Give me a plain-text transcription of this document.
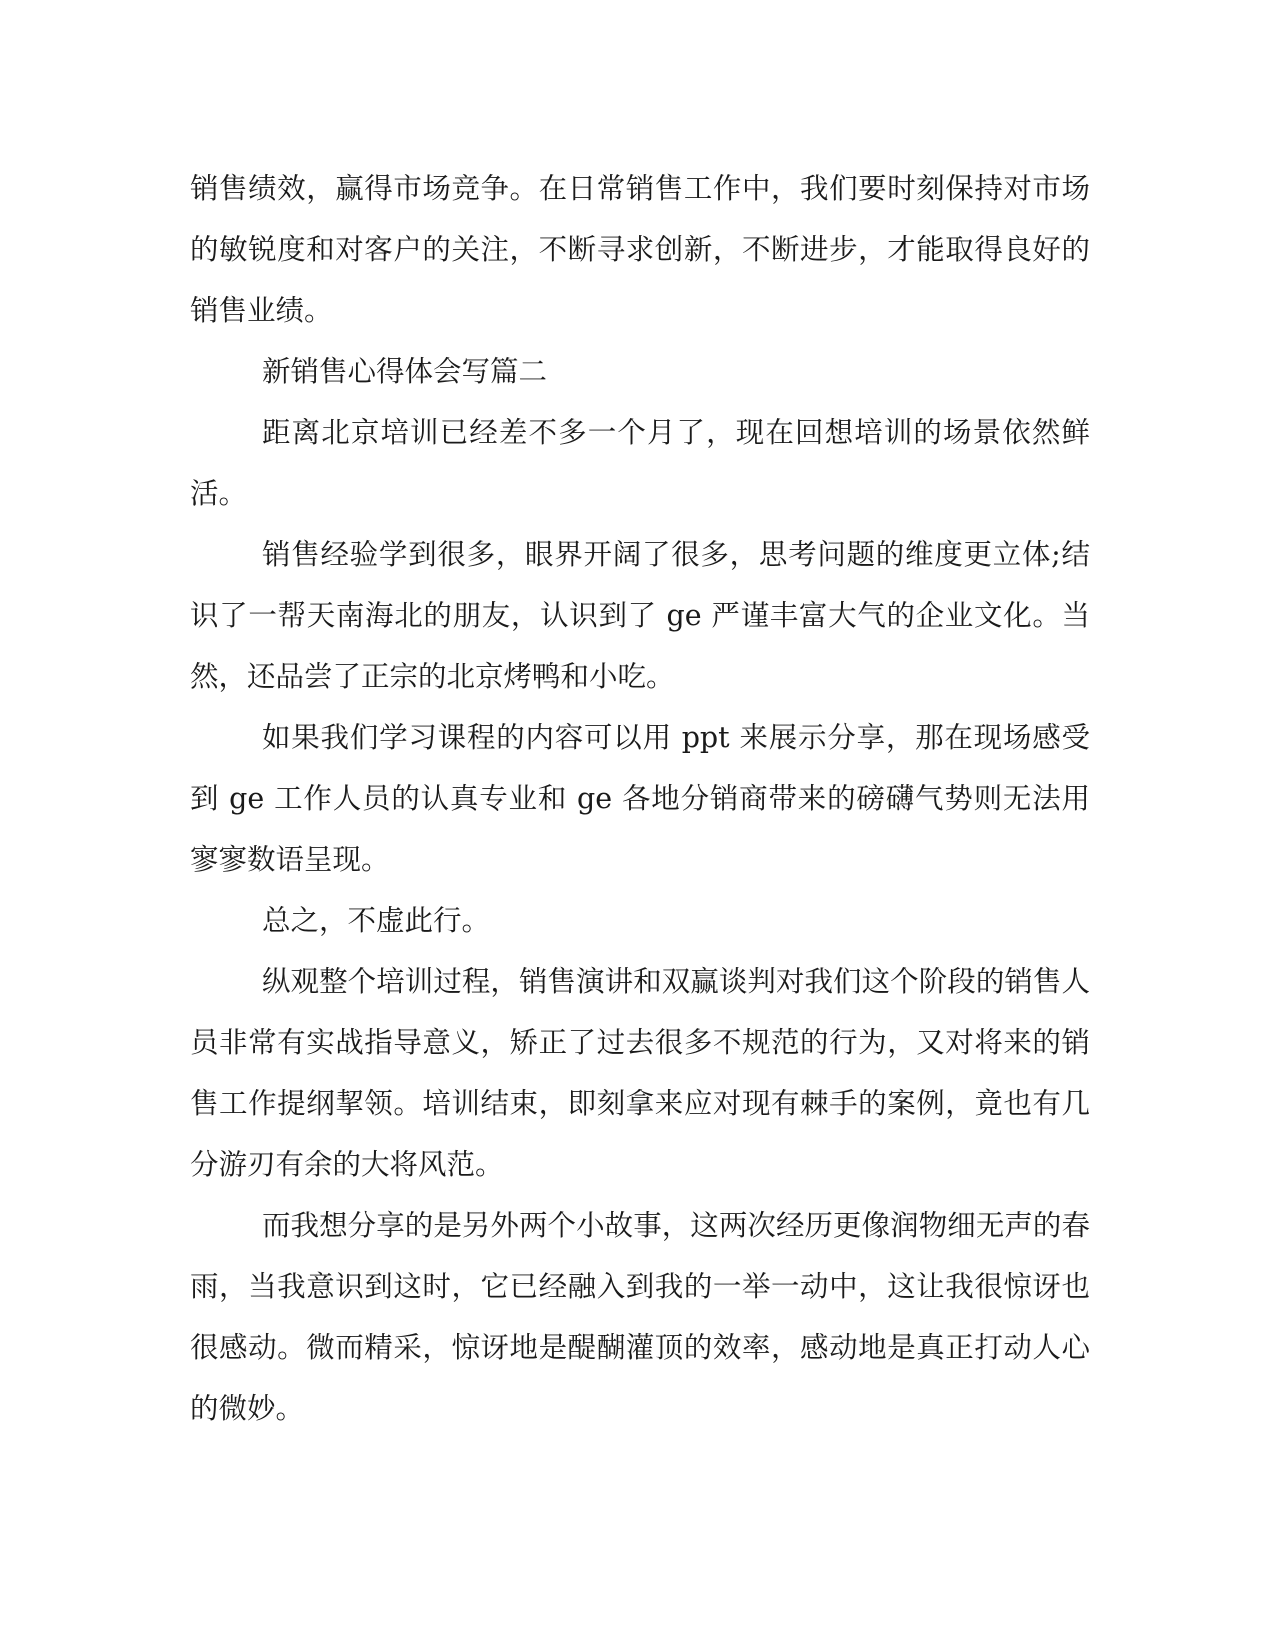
销售绩效，赢得市场竞争。在日常销售工作中，我们要时刻保持对市场的敏锐度和对客户的关注，不断寻求创新，不断进步，才能取得良好的销售业绩。

新销售心得体会写篇二

距离北京培训已经差不多一个月了，现在回想培训的场景依然鲜活。

销售经验学到很多，眼界开阔了很多，思考问题的维度更立体;结识了一帮天南海北的朋友，认识到了 ge 严谨丰富大气的企业文化。当然，还品尝了正宗的北京烤鸭和小吃。

如果我们学习课程的内容可以用 ppt 来展示分享，那在现场感受到 ge 工作人员的认真专业和 ge 各地分销商带来的磅礴气势则无法用寥寥数语呈现。

总之，不虚此行。

纵观整个培训过程，销售演讲和双赢谈判对我们这个阶段的销售人员非常有实战指导意义，矫正了过去很多不规范的行为，又对将来的销售工作提纲挈领。培训结束，即刻拿来应对现有棘手的案例，竟也有几分游刃有余的大将风范。

而我想分享的是另外两个小故事，这两次经历更像润物细无声的春雨，当我意识到这时，它已经融入到我的一举一动中，这让我很惊讶也很感动。微而精采，惊讶地是醍醐灌顶的效率，感动地是真正打动人心的微妙。
